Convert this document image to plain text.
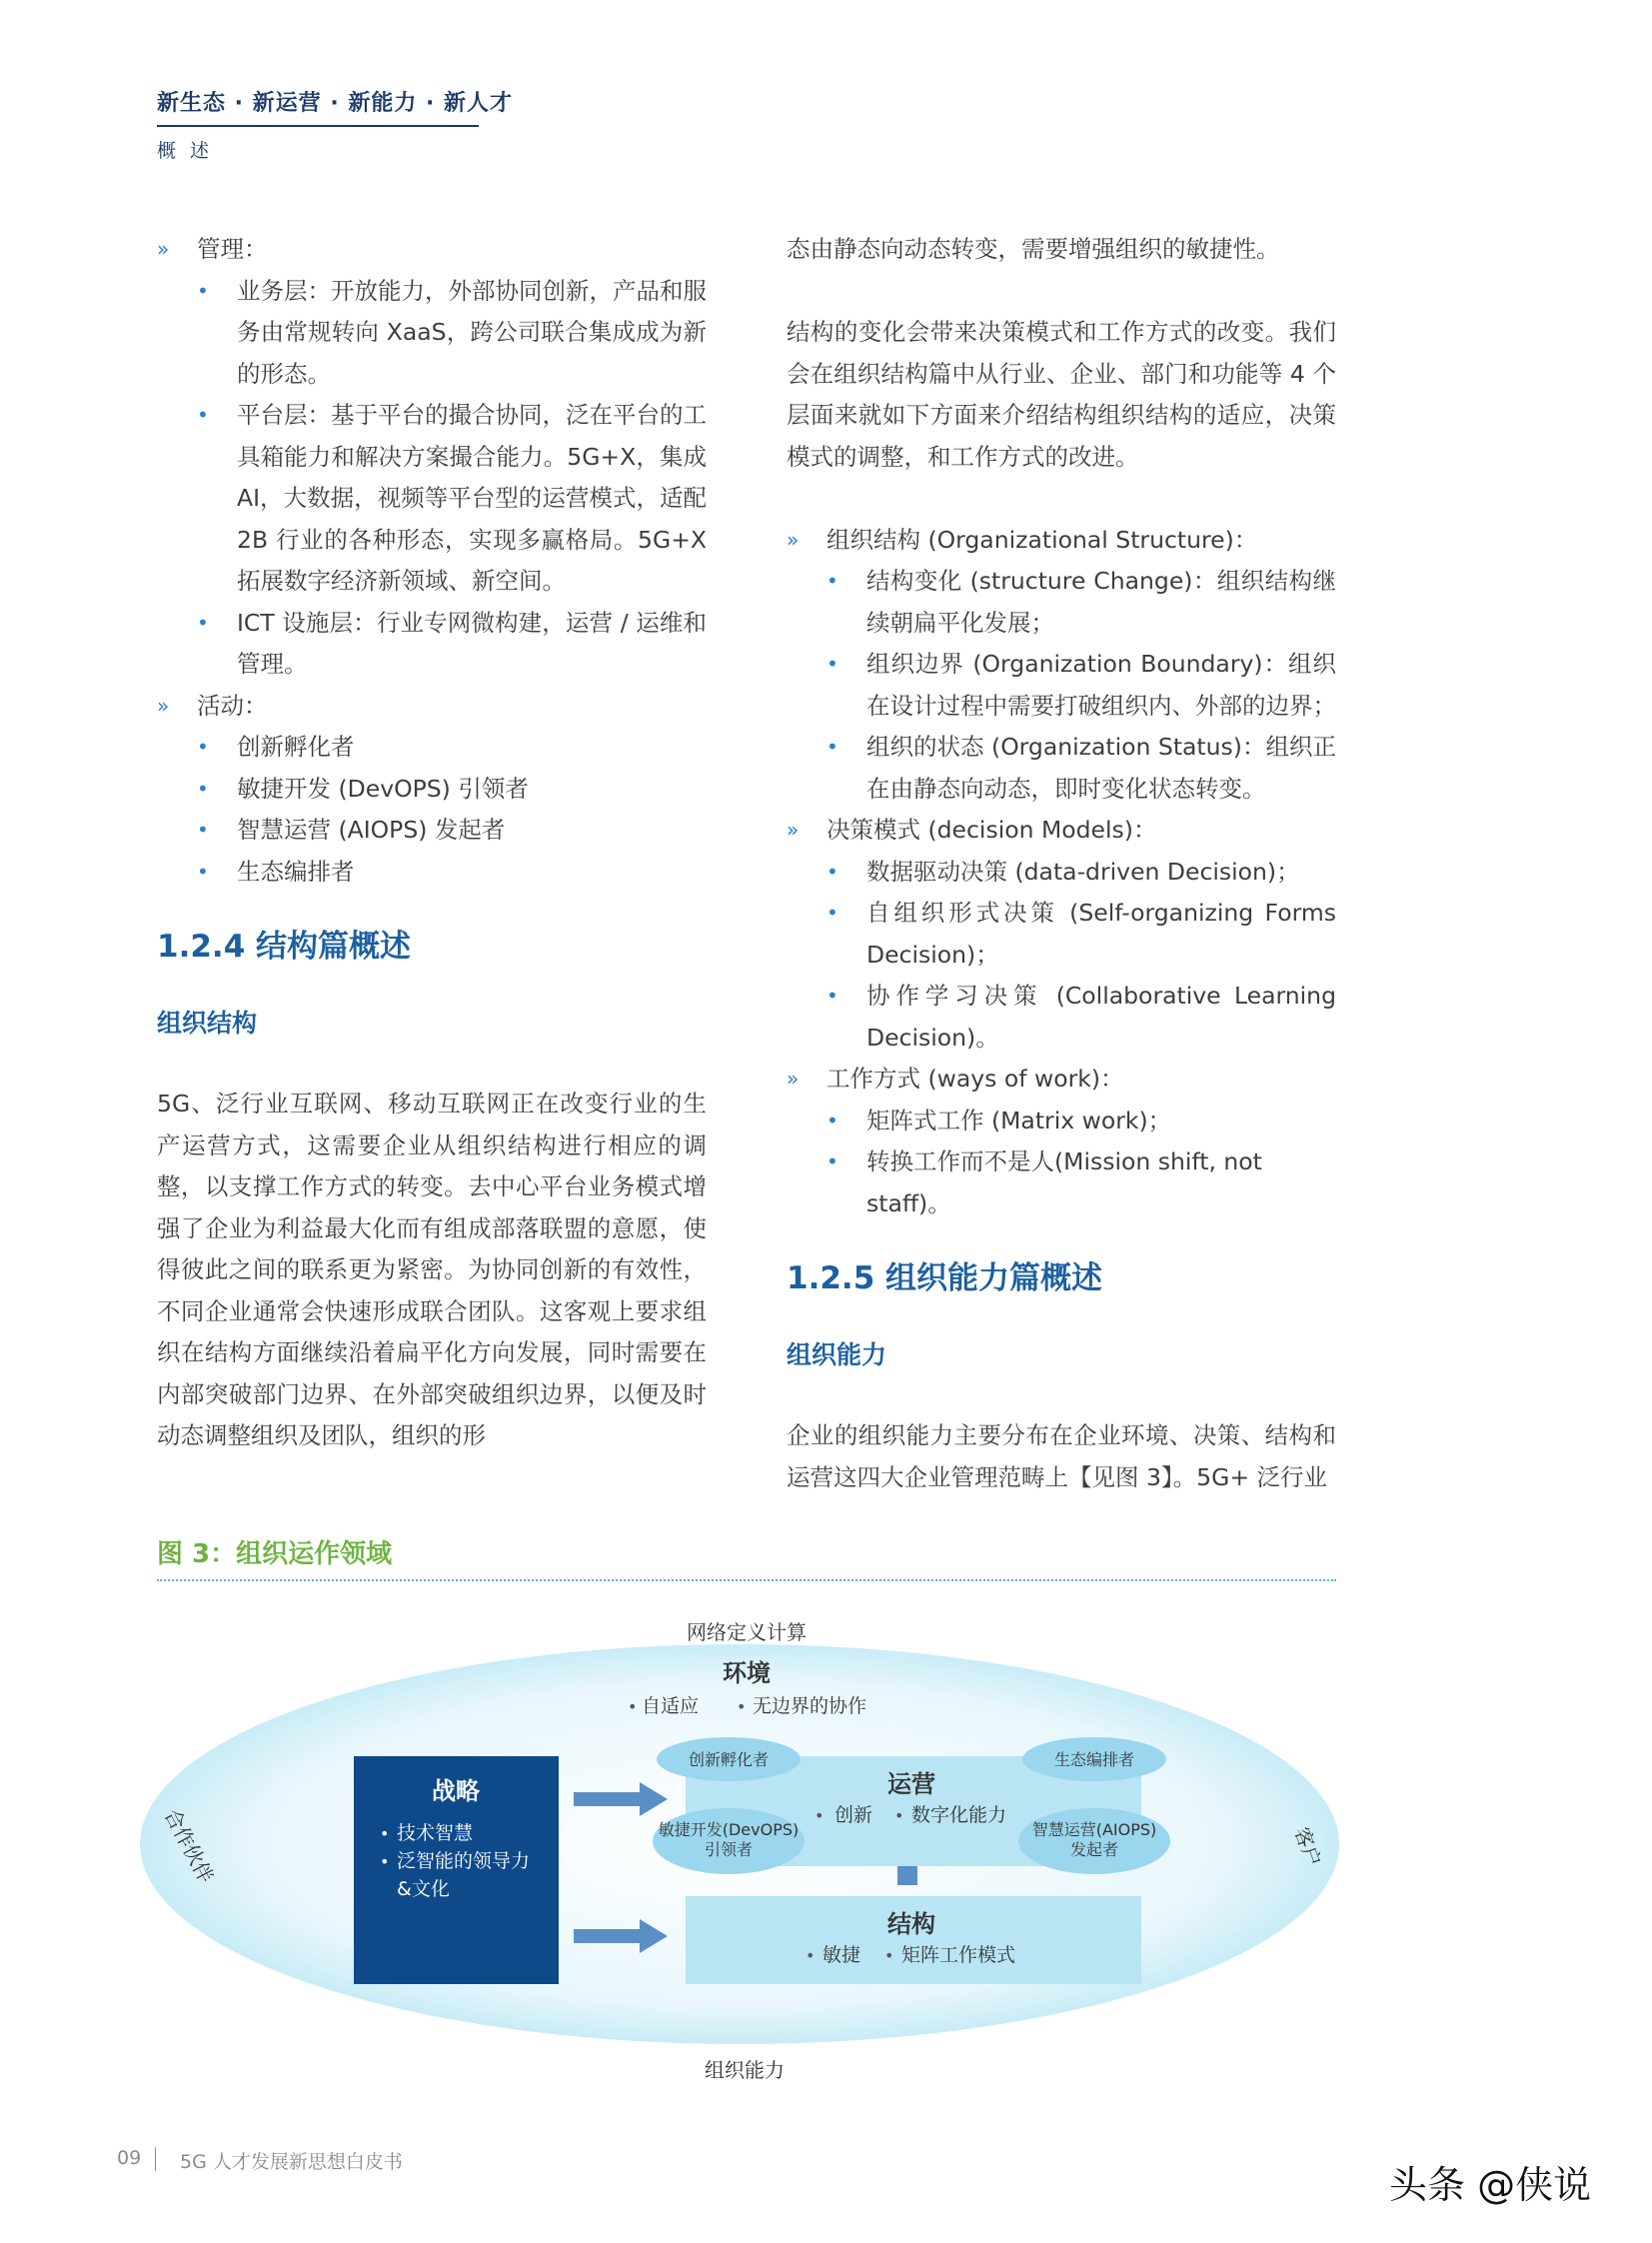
新生态 · 新运营 · 新能力 · 新人才
概 述
» 管理：
• 业务层：开放能力，外部协同创新，产品和服务由常规转向 XaaS，跨公司联合集成成为新的形态。
• 平台层：基于平台的撮合协同，泛在平台的工具箱能力和解决方案撮合能力。5G+X，集成AI，大数据，视频等平台型的运营模式，适配2B 行业的各种形态，实现多赢格局。5G+X 拓展数字经济新领域、新空间。
• ICT 设施层：行业专网微构建，运营 / 运维和管理。
» 活动：
• 创新孵化者
• 敏捷开发 (DevOPS) 引领者
• 智慧运营 (AIOPS) 发起者
• 生态编排者
1.2.4 结构篇概述
组织结构

5G、泛行业互联网、移动互联网正在改变行业的生产运营方式，这需要企业从组织结构进行相应的调整，以支撑工作方式的转变。去中心平台业务模式增强了企业为利益最大化而有组成部落联盟的意愿，使得彼此之间的联系更为紧密。为协同创新的有效性，不同企业通常会快速形成联合团队。这客观上要求组织在结构方面继续沿着扁平化方向发展，同时需要在内部突破部门边界、在外部突破组织边界，以便及时动态调整组织及团队，组织的形

态由静态向动态转变，需要增强组织的敏捷性。

结构的变化会带来决策模式和工作方式的改变。我们会在组织结构篇中从行业、企业、部门和功能等 4 个层面来就如下方面来介绍结构组织结构的适应，决策模式的调整，和工作方式的改进。

» 组织结构 (Organizational Structure)：
• 结构变化 (structure Change)：组织结构继续朝扁平化发展；
• 组织边界 (Organization Boundary)：组织在设计过程中需要打破组织内、外部的边界；
• 组织的状态 (Organization Status)：组织正在由静态向动态，即时变化状态转变。
» 决策模式 (decision Models)：
• 数据驱动决策 (data-driven Decision)；
• 自组织形式决策 (Self-organizing Forms Decision)；
• 协作学习决策 (Collaborative Learning Decision)。
» 工作方式 (ways of work)：
• 矩阵式工作 (Matrix work)；
• 转换工作而不是人(Mission shift, not staff)。
1.2.5 组织能力篇概述
组织能力

企业的组织能力主要分布在企业环境、决策、结构和运营这四大企业管理范畴上【见图 3】。5G+ 泛行业

图 3：组织运作领域
网络定义计算
组织能力
合作伙伴	客户
环境
• 自适应 • 无边界的协作
战略
• 技术智慧
• 泛智能的领导力
&文化
运营
• 创新 • 数字化能力
创新孵化者	生态编排者
敏捷开发(DevOPS)
引领者
智慧运营(AIOPS)
发起者
结构
• 敏捷 • 矩阵工作模式
09 5G 人才发展新思想白皮书
头条 @侠说
